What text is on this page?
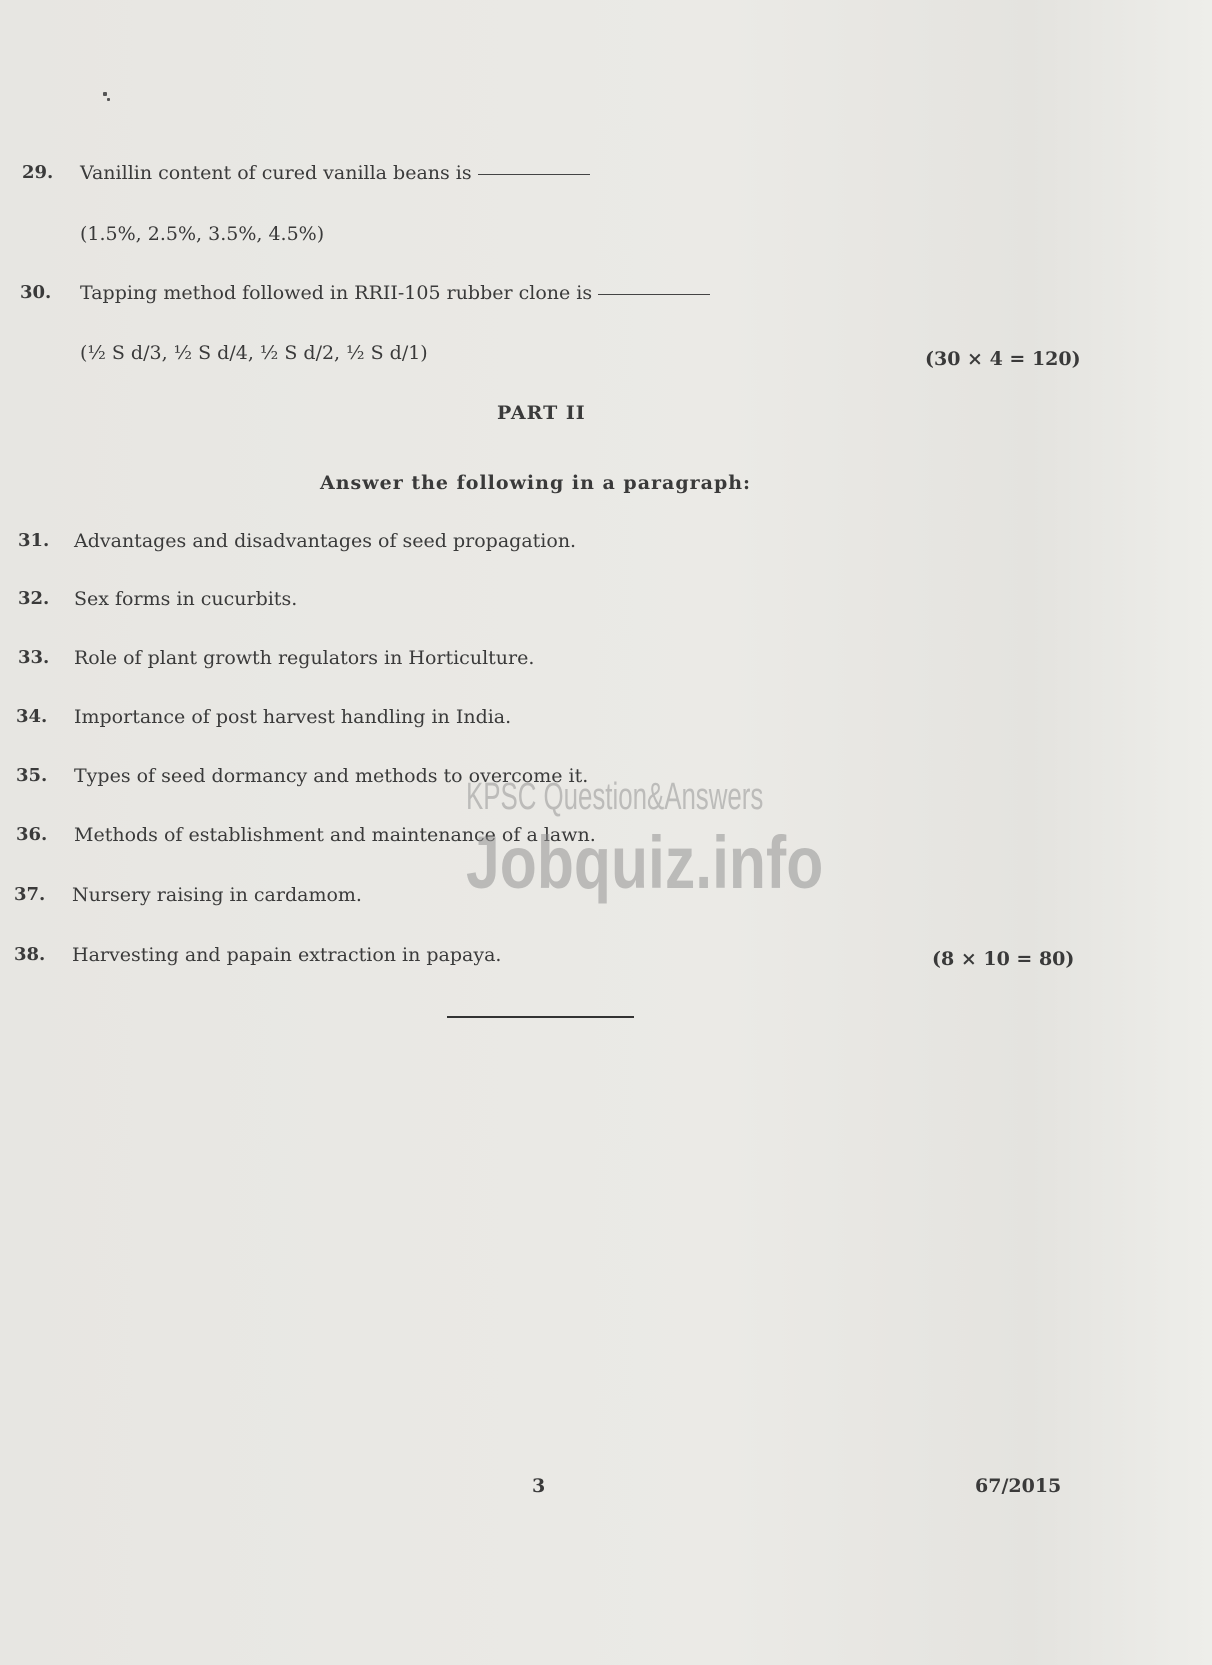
29. Vanillin content of cured vanilla beans is
(1.5%, 2.5%, 3.5%, 4.5%)
30. Tapping method followed in RRII-105 rubber clone is
(½ S d/3, ½ S d/4, ½ S d/2, ½ S d/1)	(30 × 4 = 120)
PART II
Answer the following in a paragraph:
31. Advantages and disadvantages of seed propagation.
32. Sex forms in cucurbits.
33. Role of plant growth regulators in Horticulture.
34. Importance of post harvest handling in India.
35. Types of seed dormancy and methods to overcome it.
36. Methods of establishment and maintenance of a lawn.
37. Nursery raising in cardamom.
38. Harvesting and papain extraction in papaya.	(8 × 10 = 80)
KPSC Question&Answers
Jobquiz.info
3	67/2015
